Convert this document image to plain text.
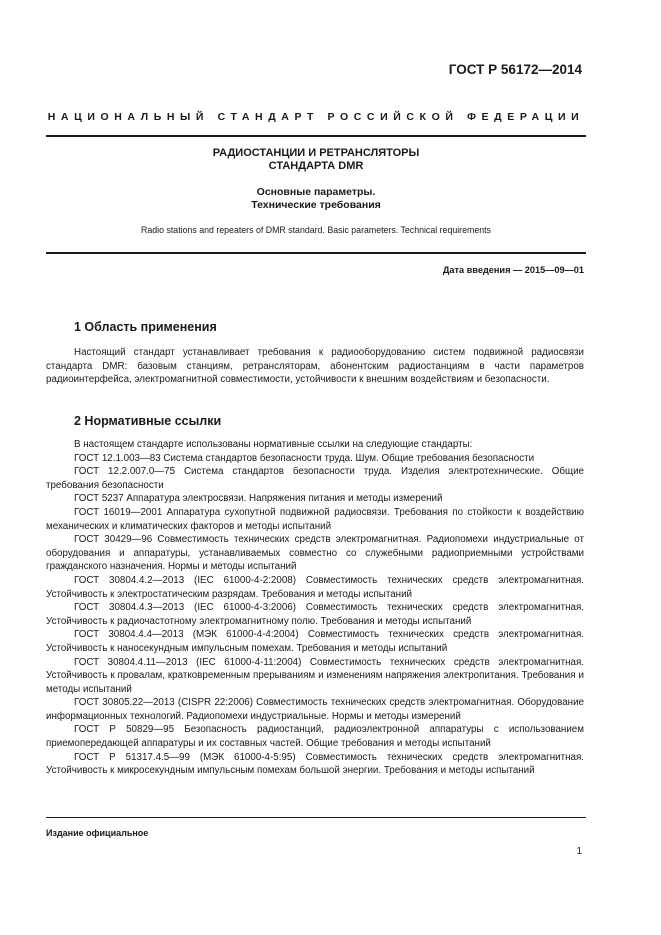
ГОСТ Р 56172—2014
НАЦИОНАЛЬНЫЙ СТАНДАРТ РОССИЙСКОЙ ФЕДЕРАЦИИ
РАДИОСТАНЦИИ И РЕТРАНСЛЯТОРЫ
СТАНДАРТА DMR
Основные параметры.
Технические требования
Radio stations and repeaters of DMR standard. Basic parameters. Technical requirements
Дата введения — 2015—09—01
1 Область применения

Настоящий стандарт устанавливает требования к радиооборудованию систем подвижной радиосвязи стандарта DMR: базовым станциям, ретрансляторам, абонентским радиостанциям в части параметров радиоинтерфейса, электромагнитной совместимости, устойчивости к внешним воздействиям и безопасности.

2 Нормативные ссылки

В настоящем стандарте использованы нормативные ссылки на следующие стандарты:

ГОСТ 12.1.003—83 Система стандартов безопасности труда. Шум. Общие требования безопасности

ГОСТ 12.2.007.0—75 Система стандартов безопасности труда. Изделия электротехнические. Общие требования безопасности

ГОСТ 5237 Аппаратура электросвязи. Напряжения питания и методы измерений

ГОСТ 16019—2001 Аппаратура сухопутной подвижной радиосвязи. Требования по стойкости к воздействию механических и климатических факторов и методы испытаний

ГОСТ 30429—96 Совместимость технических средств электромагнитная. Радиопомехи индустриальные от оборудования и аппаратуры, устанавливаемых совместно со служебными радиоприемными устройствами гражданского назначения. Нормы и методы испытаний

ГОСТ 30804.4.2—2013 (IEC 61000-4-2:2008) Совместимость технических средств электромагнитная. Устойчивость к электростатическим разрядам. Требования и методы испытаний

ГОСТ 30804.4.3—2013 (IEC 61000-4-3:2006) Совместимость технических средств электромагнитная. Устойчивость к радиочастотному электромагнитному полю. Требования и методы испытаний

ГОСТ 30804.4.4—2013 (МЭК 61000-4-4:2004) Совместимость технических средств электромагнитная. Устойчивость к наносекундным импульсным помехам. Требования и методы испытаний

ГОСТ 30804.4.11—2013 (IEC 61000-4-11:2004) Совместимость технических средств электромагнитная. Устойчивость к провалам, кратковременным прерываниям и изменениям напряжения электропитания. Требования и методы испытаний

ГОСТ 30805.22—2013 (CISPR 22:2006) Совместимость технических средств электромагнитная. Оборудование информационных технологий. Радиопомехи индустриальные. Нормы и методы измерений

ГОСТ Р 50829—95 Безопасность радиостанций, радиоэлектронной аппаратуры с использованием приемопередающей аппаратуры и их составных частей. Общие требования и методы испытаний

ГОСТ Р 51317.4.5—99 (МЭК 61000-4-5:95) Совместимость технических средств электромагнитная. Устойчивость к микросекундным импульсным помехам большой энергии. Требования и методы испытаний

Издание официальное
1
